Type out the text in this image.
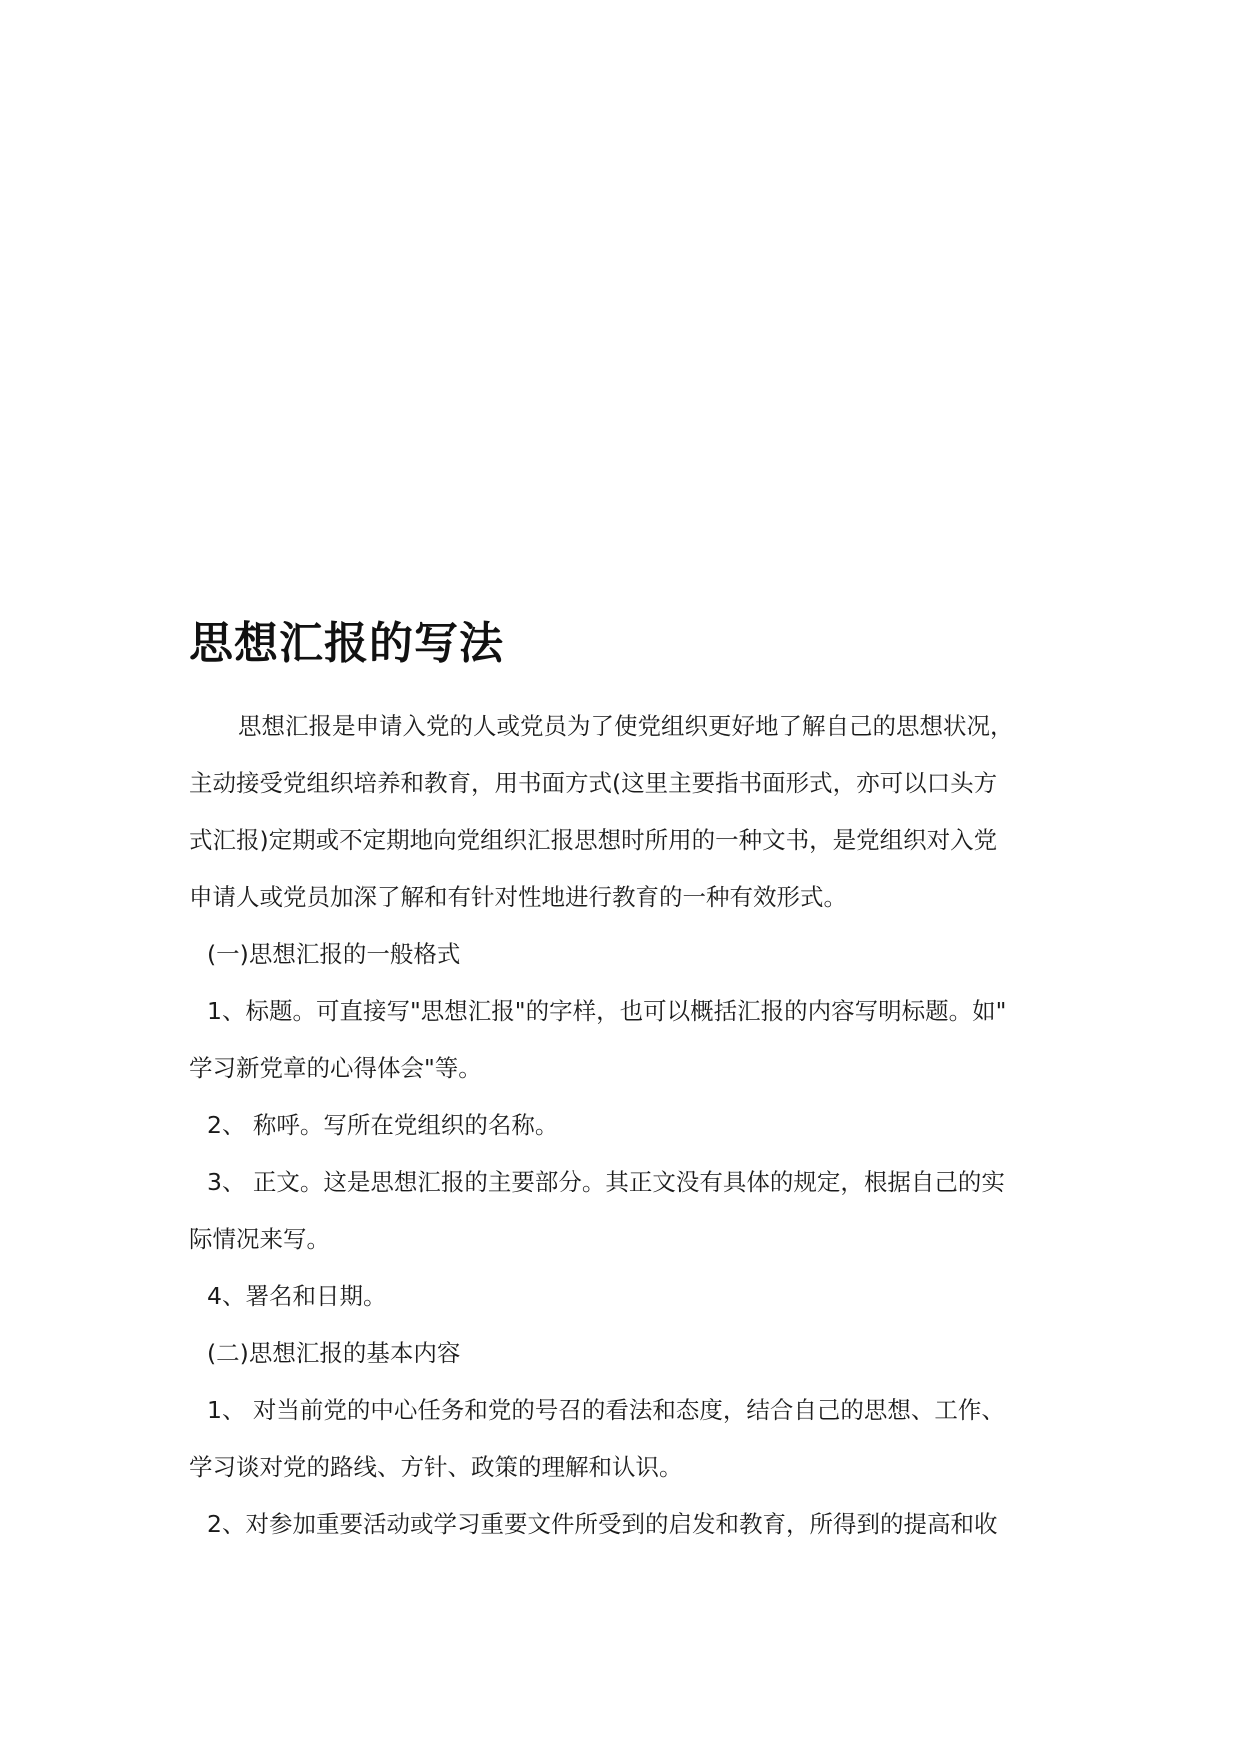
思想汇报的写法
思想汇报是申请入党的人或党员为了使党组织更好地了解自己的思想状况，
主动接受党组织培养和教育，用书面方式(这里主要指书面形式，亦可以口头方
式汇报)定期或不定期地向党组织汇报思想时所用的一种文书，是党组织对入党
申请人或党员加深了解和有针对性地进行教育的一种有效形式。
(一)思想汇报的一般格式
1、标题。可直接写"思想汇报"的字样，也可以概括汇报的内容写明标题。如"
学习新党章的心得体会"等。
2、 称呼。写所在党组织的名称。
3、 正文。这是思想汇报的主要部分。其正文没有具体的规定，根据自己的实
际情况来写。
4、署名和日期。
(二)思想汇报的基本内容
1、 对当前党的中心任务和党的号召的看法和态度，结合自己的思想、工作、
学习谈对党的路线、方针、政策的理解和认识。
2、对参加重要活动或学习重要文件所受到的启发和教育，所得到的提高和收
